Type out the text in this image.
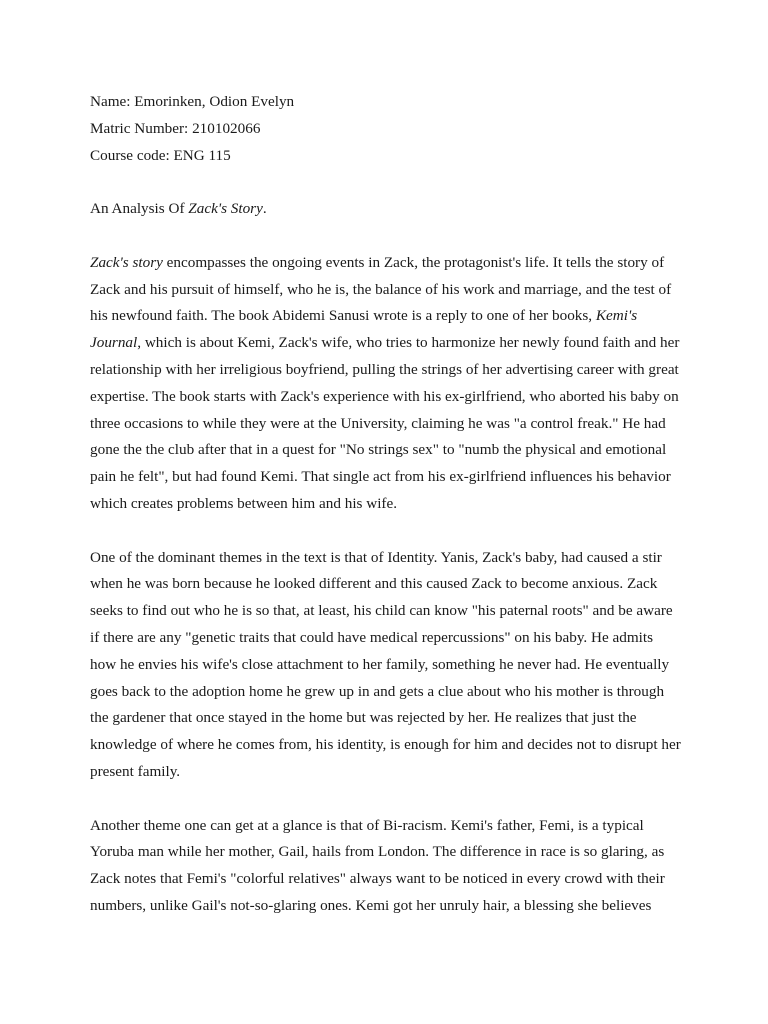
Name: Emorinken, Odion Evelyn
Matric Number: 210102066
Course code: ENG 115
An Analysis Of Zack's Story.
Zack's story encompasses the ongoing events in Zack, the protagonist's life. It tells the story of
Zack and his pursuit of himself, who he is, the balance of his work and marriage, and the test of
his newfound faith. The book Abidemi Sanusi wrote is a reply to one of her books, Kemi's
Journal, which is about Kemi, Zack's wife, who tries to harmonize her newly found faith and her
relationship with her irreligious boyfriend, pulling the strings of her advertising career with great
expertise. The book starts with Zack's experience with his ex-girlfriend, who aborted his baby on
three occasions to while they were at the University, claiming he was "a control freak." He had
gone the the club after that in a quest for "No strings sex" to "numb the physical and emotional
pain he felt", but had found Kemi. That single act from his ex-girlfriend influences his behavior
which creates problems between him and his wife.
One of the dominant themes in the text is that of Identity. Yanis, Zack's baby, had caused a stir
when he was born because he looked different and this caused Zack to become anxious. Zack
seeks to find out who he is so that, at least, his child can know "his paternal roots" and be aware
if there are any "genetic traits that could have medical repercussions" on his baby. He admits
how he envies his wife's close attachment to her family, something he never had. He eventually
goes back to the adoption home he grew up in and gets a clue about who his mother is through
the gardener that once stayed in the home but was rejected by her. He realizes that just the
knowledge of where he comes from, his identity, is enough for him and decides not to disrupt her
present family.
Another theme one can get at a glance is that of Bi-racism. Kemi's father, Femi, is a typical
Yoruba man while her mother, Gail, hails from London. The difference in race is so glaring, as
Zack notes that Femi's "colorful relatives" always want to be noticed in every crowd with their
numbers, unlike Gail's not-so-glaring ones. Kemi got her unruly hair, a blessing she believes
